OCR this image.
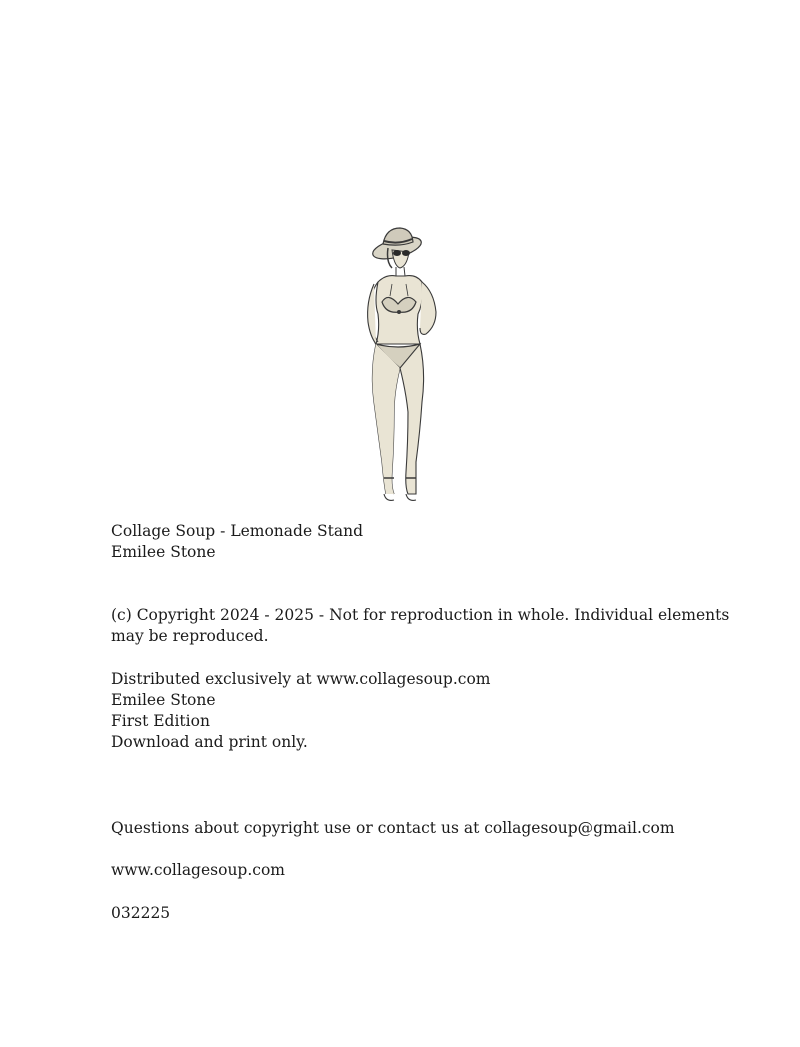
Collage Soup - Lemonade Stand
Emilee Stone
(c) Copyright 2024 - 2025 - Not for reproduction in whole. Individual elements may be reproduced.
Distributed exclusively at www.collagesoup.com
Emilee Stone
First Edition
Download and print only.
Questions about copyright use or contact us at collagesoup@gmail.com
www.collagesoup.com
032225
